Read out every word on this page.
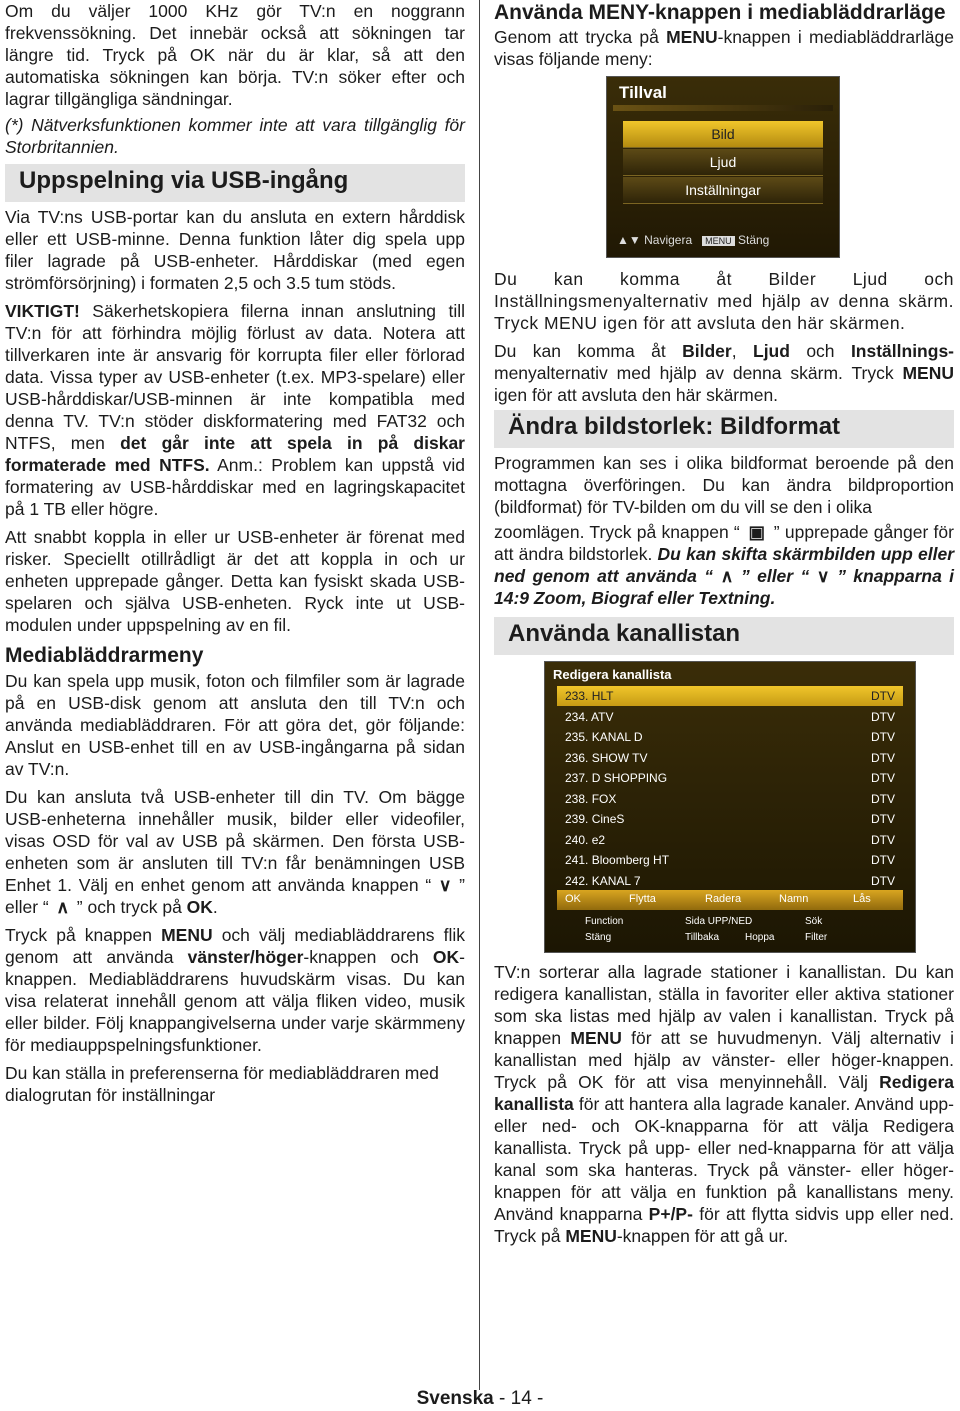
Om du väljer 1000 KHz gör TV:n en noggrann frekvenssökning. Det innebär också att sökningen tar längre tid. Tryck på OK när du är klar, så att den automatiska sökningen kan börja. TV:n söker efter och lagrar tillgängliga sändningar.

(*) Nätverksfunktionen kommer inte att vara tillgänglig för Storbritannien.

Uppspelning via USB-ingång

Via TV:ns USB-portar kan du ansluta en extern hårddisk eller ett USB-minne. Denna funktion låter dig spela upp filer lagrade på USB-enheter. Hårddiskar (med egen strömförsörjning) i formaten 2,5 och 3.5 tum stöds.

VIKTIGT! Säkerhetskopiera filerna innan anslutning till TV:n för att förhindra möjlig förlust av data. Notera att tillverkaren inte är ansvarig för korrupta filer eller förlorad data. Vissa typer av USB-enheter (t.ex. MP3-spelare) eller USB-hårddiskar/USB-minnen är inte kompatibla med denna TV. TV:n stöder diskformatering med FAT32 och NTFS, men det går inte att spela in på diskar formaterade med NTFS. Anm.: Problem kan uppstå vid formatering av USB-hårddiskar med en lagringskapacitet på 1 TB eller högre.

Att snabbt koppla in eller ur USB-enheter är förenat med risker. Speciellt otillrådligt är det att koppla in och ur enheten upprepade gånger. Detta kan fysiskt skada USB-spelaren och själva USB-enheten. Ryck inte ut USB-modulen under uppspelning av en fil.

Mediabläddrarmeny

Du kan spela upp musik, foton och filmfiler som är lagrade på en USB-disk genom att ansluta den till TV:n och använda mediabläddraren. För att göra det, gör följande: Anslut en USB-enhet till en av USB-ingångarna på sidan av TV:n.

Du kan ansluta två USB-enheter till din TV. Om bägge USB-enheterna innehåller musik, bilder eller videofiler, visas OSD för val av USB på skärmen. Den första USB-enheten som är ansluten till TV:n får benämningen USB Enhet 1. Välj en enhet genom att använda knappen “ ∨ ” eller “ ∧ ” och tryck på OK.

Tryck på knappen MENU och välj mediabläddrarens flik genom att använda vänster/höger-knappen och OK-knappen. Mediabläddrarens huvudskärm visas. Du kan visa relaterat innehåll genom att välja fliken video, musik eller bilder. Följ knappangivelserna under varje skärmmeny för mediauppspelningsfunktioner.

Du kan ställa in preferenserna för mediabläddraren med dialogrutan för inställningar

Använda MENY-knappen i mediabläddrarläge

Genom att trycka på MENU-knappen i mediabläddrarläge visas följande meny:

Tillval
Bild
Ljud
Inställningar
▲▼ Navigera MENU Stäng

Du kan komma åt Bilder Ljud och Inställningsmenyalternativ med hjälp av denna skärm. Tryck MENU igen för att avsluta den här skärmen.

Du kan komma åt Bilder, Ljud och Inställnings-menyalternativ med hjälp av denna skärm. Tryck MENU igen för att avsluta den här skärmen.

Ändra bildstorlek: Bildformat

Programmen kan ses i olika bildformat beroende på den mottagna överföringen. Du kan ändra bildproportion (bildformat) för TV-bilden om du vill se den i olika

zoomlägen. Tryck på knappen “ ▣ ” upprepade gånger för att ändra bildstorlek. Du kan skifta skärmbilden upp eller ned genom att använda “ ∧ ” eller “ ∨ ” knapparna i 14:9 Zoom, Biograf eller Textning.

Använda kanallistan
Redigera kanallista
233. HLT	DTV
234. ATV	DTV
235. KANAL D	DTV
236. SHOW TV	DTV
237. D SHOPPING	DTV
238. FOX	DTV
239. CineS	DTV
240. e2	DTV
241. Bloomberg HT	DTV
242. KANAL 7	DTV
OK	Flytta	Radera	Namn	Lås
Function	Sida UPP/NED	Sök
Stäng	Tillbaka	Hoppa	Filter

TV:n sorterar alla lagrade stationer i kanallistan. Du kan redigera kanallistan, ställa in favoriter eller aktiva stationer som ska listas med hjälp av valen i kanallistan. Tryck på knappen MENU för att se huvudmenyn. Välj alternativ i kanallistan med hjälp av vänster- eller höger-knappen. Tryck på OK för att visa menyinnehåll. Välj Redigera kanallista för att hantera alla lagrade kanaler. Använd upp- eller ned- och OK-knapparna för att välja Redigera kanallista. Tryck på upp- eller ned-knapparna för att välja kanal som ska hanteras. Tryck på vänster- eller höger-knappen för att välja en funktion på kanallistans meny. Använd knapparna P+/P- för att flytta sidvis upp eller ned. Tryck på MENU-knappen för att gå ur.

Svenska - 14 -
